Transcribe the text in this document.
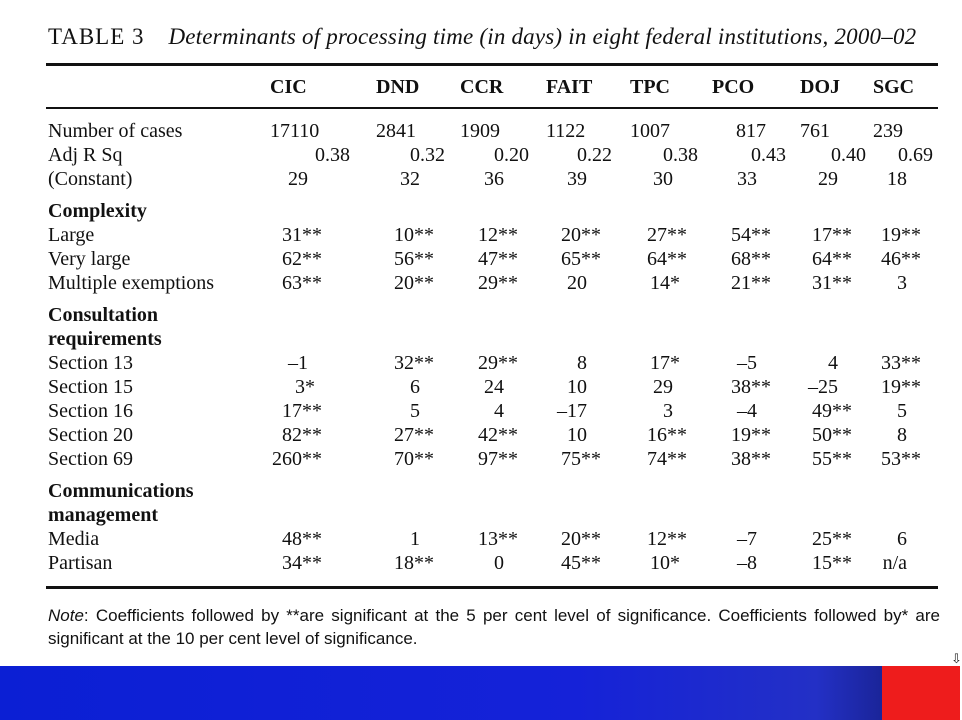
TABLE 3 Determinants of processing time (in days) in eight federal institutions, 2000–02
CIC	DND CCR FAIT TPC PCO DOJ SGC
Number of cases	17110	2841 1909 1122 1007	817 761 239
Adj R Sq	0.38	0.32 0.20 0.22	0.38	0.43 0.40 0.69
(Constant)	29	32	36	39	30	33	29 18
Complexity
Large	31**	10** 12** 20** 27** 54** 17** 19**
Very large	62**	56** 47** 65** 64** 68** 64** 46**
Multiple exemptions	63**	20** 29** 20	14*	21** 31** 3
Consultation
requirements
Section 13	–1	32** 29**	8	17*	–5	4 33**
Section 15	3*	6	24	10	29	38** –25 19**
Section 16	17**	5	4	–17	3	–4	49** 5
Section 20	82**	27** 42** 10	16** 19** 50** 8
Section 69	260**	70** 97** 75** 74** 38** 55** 53**
Communications
management
Media	48**	1	13** 20** 12**	–7	25** 6
Partisan	34**	18**	0	45** 10*	–8	15** n/a
Note: Coefficients followed by **are significant at the 5 per cent level of significance. Coefficients followed by* are significant at the 10 per cent level of significance.
⇩
